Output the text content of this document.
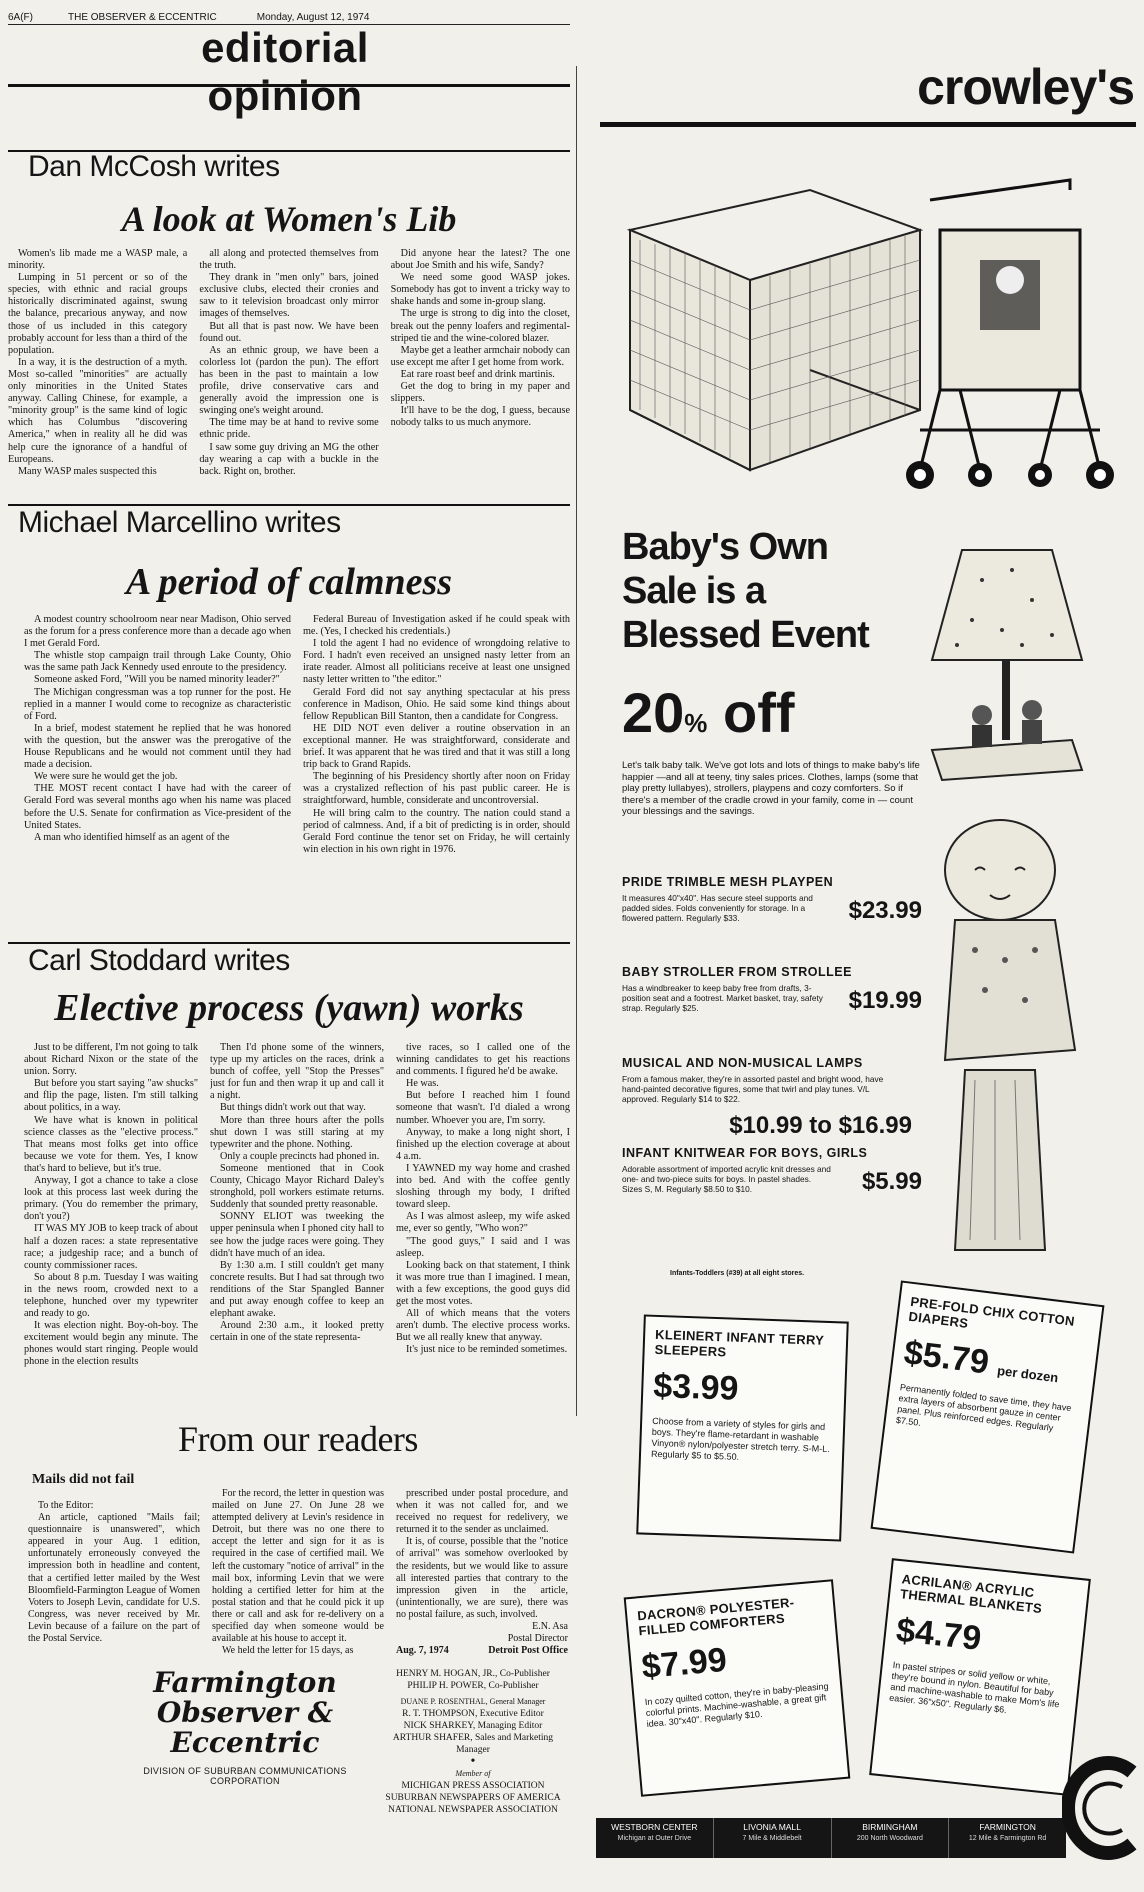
6A(F)	THE OBSERVER & ECCENTRIC	Monday, August 12, 1974
editorial opinion
Dan McCosh writes
A look at Women's Lib

Women's lib made me a WASP male, a minority.

Lumping in 51 percent or so of the species, with ethnic and racial groups historically discriminated against, swung the balance, precarious anyway, and now those of us included in this category probably account for less than a third of the population.

In a way, it is the destruction of a myth. Most so-called "minorities" are actually only minorities in the United States anyway. Calling Chinese, for example, a "minority group" is the same kind of logic which has Columbus "discovering America," when in reality all he did was help cure the ignorance of a handful of Europeans.

Many WASP males suspected this

all along and protected themselves from the truth.

They drank in "men only" bars, joined exclusive clubs, elected their cronies and saw to it television broadcast only mirror images of themselves.

But all that is past now. We have been found out.

As an ethnic group, we have been a colorless lot (pardon the pun). The effort has been in the past to maintain a low profile, drive conservative cars and generally avoid the impression one is swinging one's weight around.

The time may be at hand to revive some ethnic pride.

I saw some guy driving an MG the other day wearing a cap with a buckle in the back. Right on, brother.

Did anyone hear the latest? The one about Joe Smith and his wife, Sandy?

We need some good WASP jokes. Somebody has got to invent a tricky way to shake hands and some in-group slang.

The urge is strong to dig into the closet, break out the penny loafers and regimental-striped tie and the wine-colored blazer.

Maybe get a leather armchair nobody can use except me after I get home from work.

Eat rare roast beef and drink martinis.

Get the dog to bring in my paper and slippers.

It'll have to be the dog, I guess, because nobody talks to us much anymore.

Michael Marcellino writes
A period of calmness

A modest country schoolroom near near Madison, Ohio served as the forum for a press conference more than a decade ago when I met Gerald Ford.

The whistle stop campaign trail through Lake County, Ohio was the same path Jack Kennedy used enroute to the presidency.

Someone asked Ford, "Will you be named minority leader?"

The Michigan congressman was a top runner for the post. He replied in a manner I would come to recognize as characteristic of Ford.

In a brief, modest statement he replied that he was honored with the question, but the answer was the prerogative of the House Republicans and he would not comment until they had made a decision.

We were sure he would get the job.

THE MOST recent contact I have had with the career of Gerald Ford was several months ago when his name was placed before the U.S. Senate for confirmation as Vice-president of the United States.

A man who identified himself as an agent of the

Federal Bureau of Investigation asked if he could speak with me. (Yes, I checked his credentials.)

I told the agent I had no evidence of wrongdoing relative to Ford. I hadn't even received an unsigned nasty letter from an irate reader. Almost all politicians receive at least one unsigned nasty letter written to "the editor."

Gerald Ford did not say anything spectacular at his press conference in Madison, Ohio. He said some kind things about fellow Republican Bill Stanton, then a candidate for Congress.

HE DID NOT even deliver a routine observation in an exceptional manner. He was straightforward, considerate and brief. It was apparent that he was tired and that it was still a long trip back to Grand Rapids.

The beginning of his Presidency shortly after noon on Friday was a crystalized reflection of his past public career. He is straightforward, humble, considerate and uncontroversial.

He will bring calm to the country. The nation could stand a period of calmness. And, if a bit of predicting is in order, should Gerald Ford continue the tenor set on Friday, he will certainly win election in his own right in 1976.

Carl Stoddard writes
Elective process (yawn) works

Just to be different, I'm not going to talk about Richard Nixon or the state of the union. Sorry.

But before you start saying "aw shucks" and flip the page, listen. I'm still talking about politics, in a way.

We have what is known in political science classes as the "elective process." That means most folks get into office because we vote for them. Yes, I know that's hard to believe, but it's true.

Anyway, I got a chance to take a close look at this process last week during the primary. (You do remember the primary, don't you?)

IT WAS MY JOB to keep track of about half a dozen races: a state representative race; a judgeship race; and a bunch of county commissioner races.

So about 8 p.m. Tuesday I was waiting in the news room, crowded next to a telephone, hunched over my typewriter and ready to go.

It was election night. Boy-oh-boy. The excitement would begin any minute. The phones would start ringing. People would phone in the election results

Then I'd phone some of the winners, type up my articles on the races, drink a bunch of coffee, yell "Stop the Presses" just for fun and then wrap it up and call it a night.

But things didn't work out that way.

More than three hours after the polls shut down I was still staring at my typewriter and the phone. Nothing.

Only a couple precincts had phoned in.

Someone mentioned that in Cook County, Chicago Mayor Richard Daley's stronghold, poll workers estimate returns. Suddenly that sounded pretty reasonable.

SONNY ELIOT was tweeking the upper peninsula when I phoned city hall to see how the judge races were going. They didn't have much of an idea.

By 1:30 a.m. I still couldn't get many concrete results. But I had sat through two renditions of the Star Spangled Banner and put away enough coffee to keep an elephant awake.

Around 2:30 a.m., it looked pretty certain in one of the state representa-

tive races, so I called one of the winning candidates to get his reactions and comments. I figured he'd be awake.

He was.

But before I reached him I found someone that wasn't. I'd dialed a wrong number. Whoever you are, I'm sorry.

Anyway, to make a long night short, I finished up the election coverage at about 4 a.m.

I YAWNED my way home and crashed into bed. And with the coffee gently sloshing through my body, I drifted toward sleep.

As I was almost asleep, my wife asked me, ever so gently, "Who won?"

"The good guys," I said and I was asleep.

Looking back on that statement, I think it was more true than I imagined. I mean, with a few exceptions, the good guys did get the most votes.

All of which means that the voters aren't dumb. The elective process works. But we all really knew that anyway.

It's just nice to be reminded sometimes.

From our readers
Mails did not fail

To the Editor:

An article, captioned "Mails fail; questionnaire is unanswered", which appeared in your Aug. 1 edition, unfortunately erroneously conveyed the impression both in headline and content, that a certified letter mailed by the West Bloomfield-Farmington League of Women Voters to Joseph Levin, candidate for U.S. Congress, was never received by Mr. Levin because of a failure on the part of the Postal Service.

For the record, the letter in question was mailed on June 27. On June 28 we attempted delivery at Levin's residence in Detroit, but there was no one there to accept the letter and sign for it as is required in the case of certified mail. We left the customary "notice of arrival" in the mail box, informing Levin that we were holding a certified letter for him at the postal station and that he could pick it up there or call and ask for re-delivery on a specified day when someone would be available at his house to accept it.

We held the letter for 15 days, as

prescribed under postal procedure, and when it was not called for, and we received no request for redelivery, we returned it to the sender as unclaimed.

It is, of course, possible that the "notice of arrival" was somehow overlooked by the residents, but we would like to assure all interested parties that contrary to the impression given in the article, (unintentionally, we are sure), there was no postal failure, as such, involved.

E.N. Asa
Postal Director
Aug. 7, 1974	Detroit Post Office
Farmington
Observer & Eccentric
DIVISION OF SUBURBAN COMMUNICATIONS CORPORATION
HENRY M. HOGAN, JR., Co-Publisher
PHILIP H. POWER, Co-Publisher
DUANE P. ROSENTHAL, General Manager
R. T. THOMPSON, Executive Editor
NICK SHARKEY, Managing Editor
ARTHUR SHAFER, Sales and Marketing Manager
•
Member of
MICHIGAN PRESS ASSOCIATION
SUBURBAN NEWSPAPERS OF AMERICA
NATIONAL NEWSPAPER ASSOCIATION
crowley's
Baby's Own
Sale is a
Blessed Event
20% off
Let's talk baby talk. We've got lots and lots of things to make baby's life happier —and all at teeny, tiny sales prices. Clothes, lamps (some that play pretty lullabyes), strollers, playpens and cozy comforters. So if there's a member of the cradle crowd in your family, come in — count your blessings and the savings.
PRIDE TRIMBLE MESH PLAYPEN
It measures 40"x40". Has secure steel supports and padded sides. Folds conveniently for storage. In a flowered pattern. Regularly $33.	$23.99
BABY STROLLER FROM STROLLEE
Has a windbreaker to keep baby free from drafts, 3-position seat and a footrest. Market basket, tray, safety strap. Regularly $25.	$19.99
MUSICAL AND NON-MUSICAL LAMPS
From a famous maker, they're in assorted pastel and bright wood, have hand-painted decorative figures, some that twirl and play tunes. V/L approved. Regularly $14 to $22.
$10.99 to $16.99
INFANT KNITWEAR FOR BOYS, GIRLS
Adorable assortment of imported acrylic knit dresses and one- and two-piece suits for boys. In pastel shades. Sizes S, M. Regularly $8.50 to $10.	$5.99
Infants-Toddlers (#39) at all eight stores.
KLEINERT INFANT TERRY SLEEPERS
$3.99
Choose from a variety of styles for girls and boys. They're flame-retardant in washable Vinyon® nylon/polyester stretch terry. S-M-L. Regularly $5 to $5.50.
PRE-FOLD CHIX COTTON DIAPERS
$5.79 per dozen
Permanently folded to save time, they have extra layers of absorbent gauze in center panel. Plus reinforced edges. Regularly $7.50.
DACRON® POLYESTER-FILLED COMFORTERS
$7.99
In cozy quilted cotton, they're in baby-pleasing colorful prints. Machine-washable, a great gift idea. 30"x40". Regularly $10.
ACRILAN® ACRYLIC THERMAL BLANKETS
$4.79
In pastel stripes or solid yellow or white, they're bound in nylon. Beautiful for baby and machine-washable to make Mom's life easier. 36"x50". Regularly $6.
WESTBORN CENTER
Michigan at Outer Drive
LIVONIA MALL
7 Mile & Middlebelt
BIRMINGHAM
200 North Woodward
FARMINGTON
12 Mile & Farmington Rd
